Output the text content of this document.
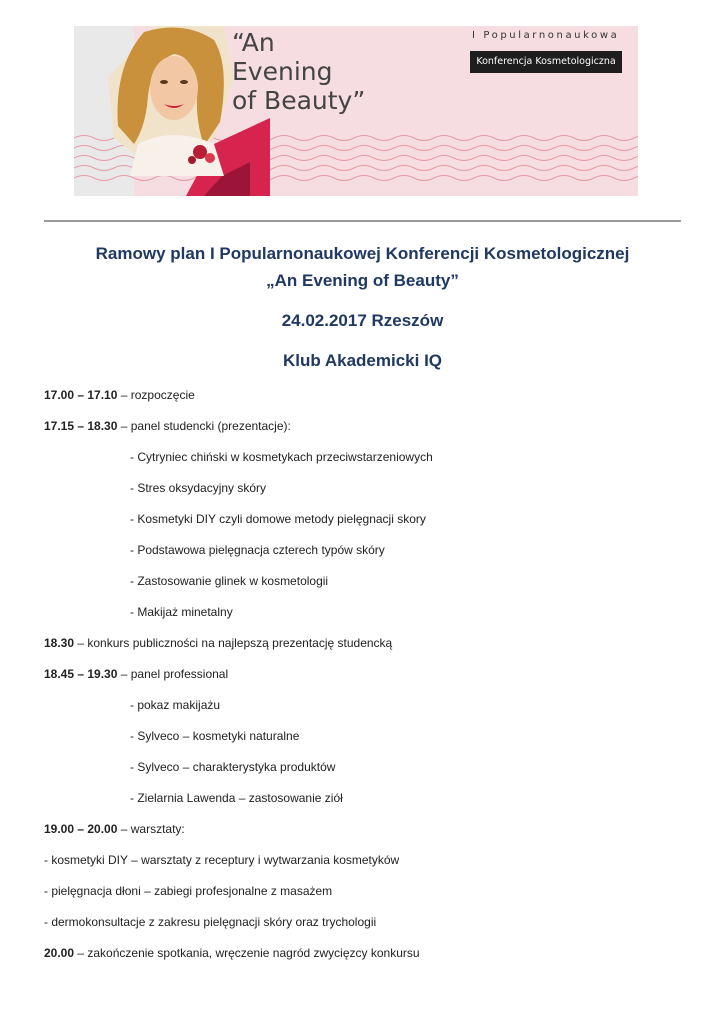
“An
Evening
of Beauty”
I Popularnonaukowa
Konferencja Kosmetologiczna
Ramowy plan I Popularnonaukowej Konferencji Kosmetologicznej
„An Evening of Beauty”
24.02.2017 Rzeszów
Klub Akademicki IQ
17.00 – 17.10 – rozpoczęcie
17.15 – 18.30 – panel studencki (prezentacje):
- Cytryniec chiński w kosmetykach przeciwstarzeniowych
- Stres oksydacyjny skóry
- Kosmetyki DIY czyli domowe metody pielęgnacji skory
- Podstawowa pielęgnacja czterech typów skóry
- Zastosowanie glinek w kosmetologii
- Makijaż minetalny
18.30 – konkurs publiczności na najlepszą prezentację studencką
18.45 – 19.30 – panel professional
- pokaz makijażu
- Sylveco – kosmetyki naturalne
- Sylveco – charakterystyka produktów
- Zielarnia Lawenda – zastosowanie ziół
19.00 – 20.00 – warsztaty:
- kosmetyki DIY – warsztaty z receptury i wytwarzania kosmetyków
- pielęgnacja dłoni – zabiegi profesjonalne z masażem
- dermokonsultacje z zakresu pielęgnacji skóry oraz trychologii
20.00 – zakończenie spotkania, wręczenie nagród zwycięzcy konkursu
